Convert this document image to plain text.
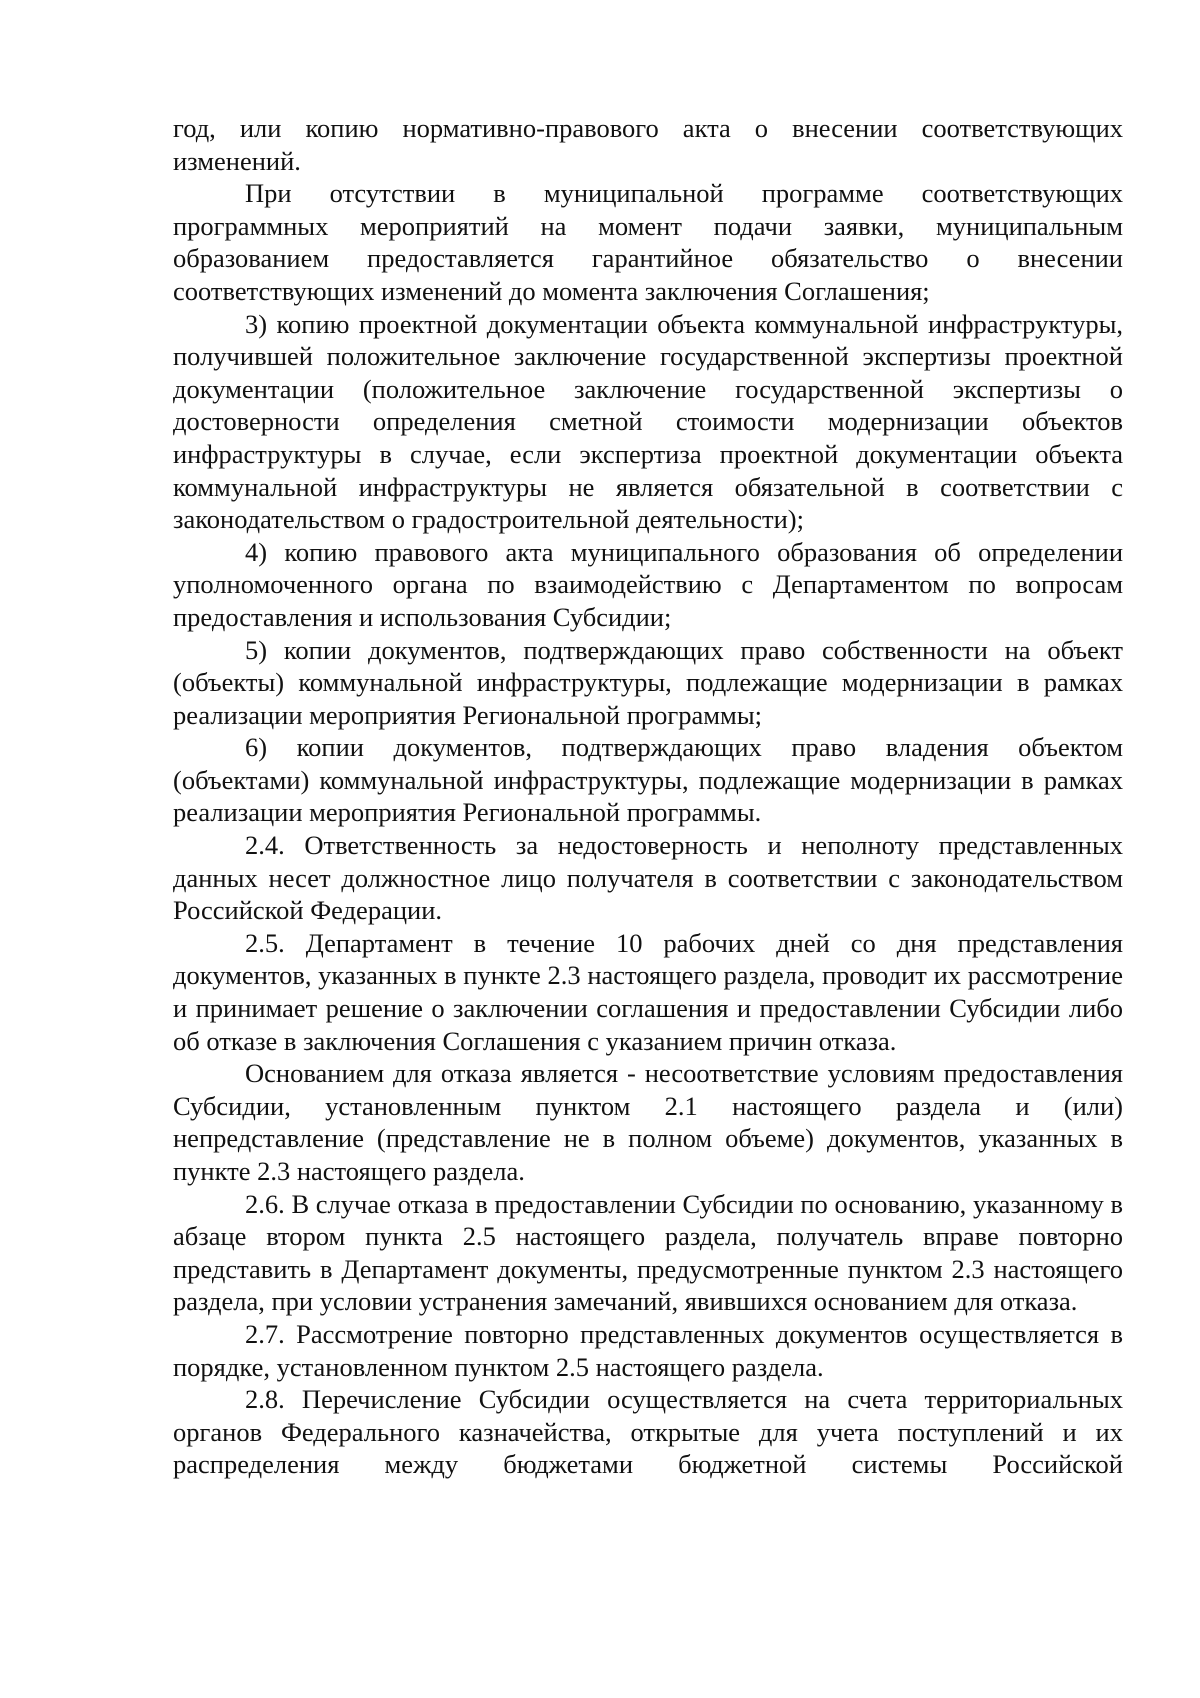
год, или копию нормативно-правового акта о внесении соответствующих изменений.

При отсутствии в муниципальной программе соответствующих программных мероприятий на момент подачи заявки, муниципальным образованием предоставляется гарантийное обязательство о внесении соответствующих изменений до момента заключения Соглашения;

3) копию проектной документации объекта коммунальной инфраструктуры, получившей положительное заключение государственной экспертизы проектной документации (положительное заключение государственной экспертизы о достоверности определения сметной стоимости модернизации объектов инфраструктуры в случае, если экспертиза проектной документации объекта коммунальной инфраструктуры не является обязательной в соответствии с законодательством о градостроительной деятельности);

4) копию правового акта муниципального образования об определении уполномоченного органа по взаимодействию с Департаментом по вопросам предоставления и использования Субсидии;

5) копии документов, подтверждающих право собственности на объект (объекты) коммунальной инфраструктуры, подлежащие модернизации в рамках реализации мероприятия Региональной программы;

6) копии документов, подтверждающих право владения объектом (объектами) коммунальной инфраструктуры, подлежащие модернизации в рамках реализации мероприятия Региональной программы.

2.4. Ответственность за недостоверность и неполноту представленных данных несет должностное лицо получателя в соответствии с законодательством Российской Федерации.

2.5. Департамент в течение 10 рабочих дней со дня представления документов, указанных в пункте 2.3 настоящего раздела, проводит их рассмотрение и принимает решение о заключении соглашения и предоставлении Субсидии либо об отказе в заключения Соглашения с указанием причин отказа.

Основанием для отказа является - несоответствие условиям предоставления Субсидии, установленным пунктом 2.1 настоящего раздела и (или) непредставление (представление не в полном объеме) документов, указанных в пункте 2.3 настоящего раздела.

2.6. В случае отказа в предоставлении Субсидии по основанию, указанному в абзаце втором пункта 2.5 настоящего раздела, получатель вправе повторно представить в Департамент документы, предусмотренные пунктом 2.3 настоящего раздела, при условии устранения замечаний, явившихся основанием для отказа.

2.7. Рассмотрение повторно представленных документов осуществляется в порядке, установленном пунктом 2.5 настоящего раздела.

2.8. Перечисление Субсидии осуществляется на счета территориальных органов Федерального казначейства, открытые для учета поступлений и их распределения между бюджетами бюджетной системы Российской
